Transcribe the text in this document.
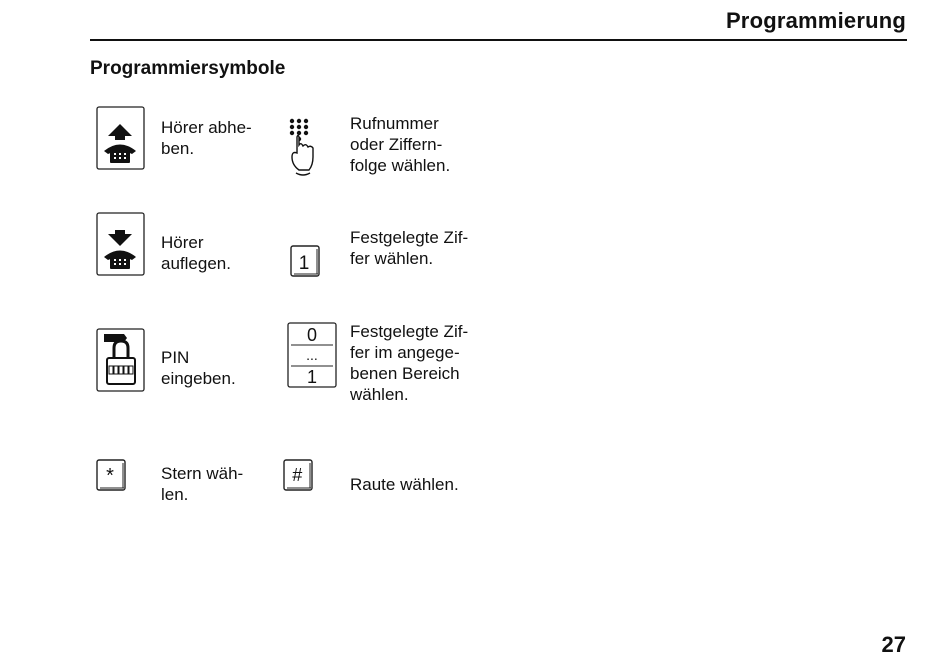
Programmierung
Programmiersymbole
Hörer abhe-
ben.
Hörer
auflegen.
PIN
eingeben.
*	Stern wäh-
len.
Rufnummer
oder Ziffern-
folge wählen.
1
Festgelegte Zif-
fer wählen.
0
...
1
Festgelegte Zif-
fer im angege-
benen Bereich
wählen.
#	Raute wählen.
27
